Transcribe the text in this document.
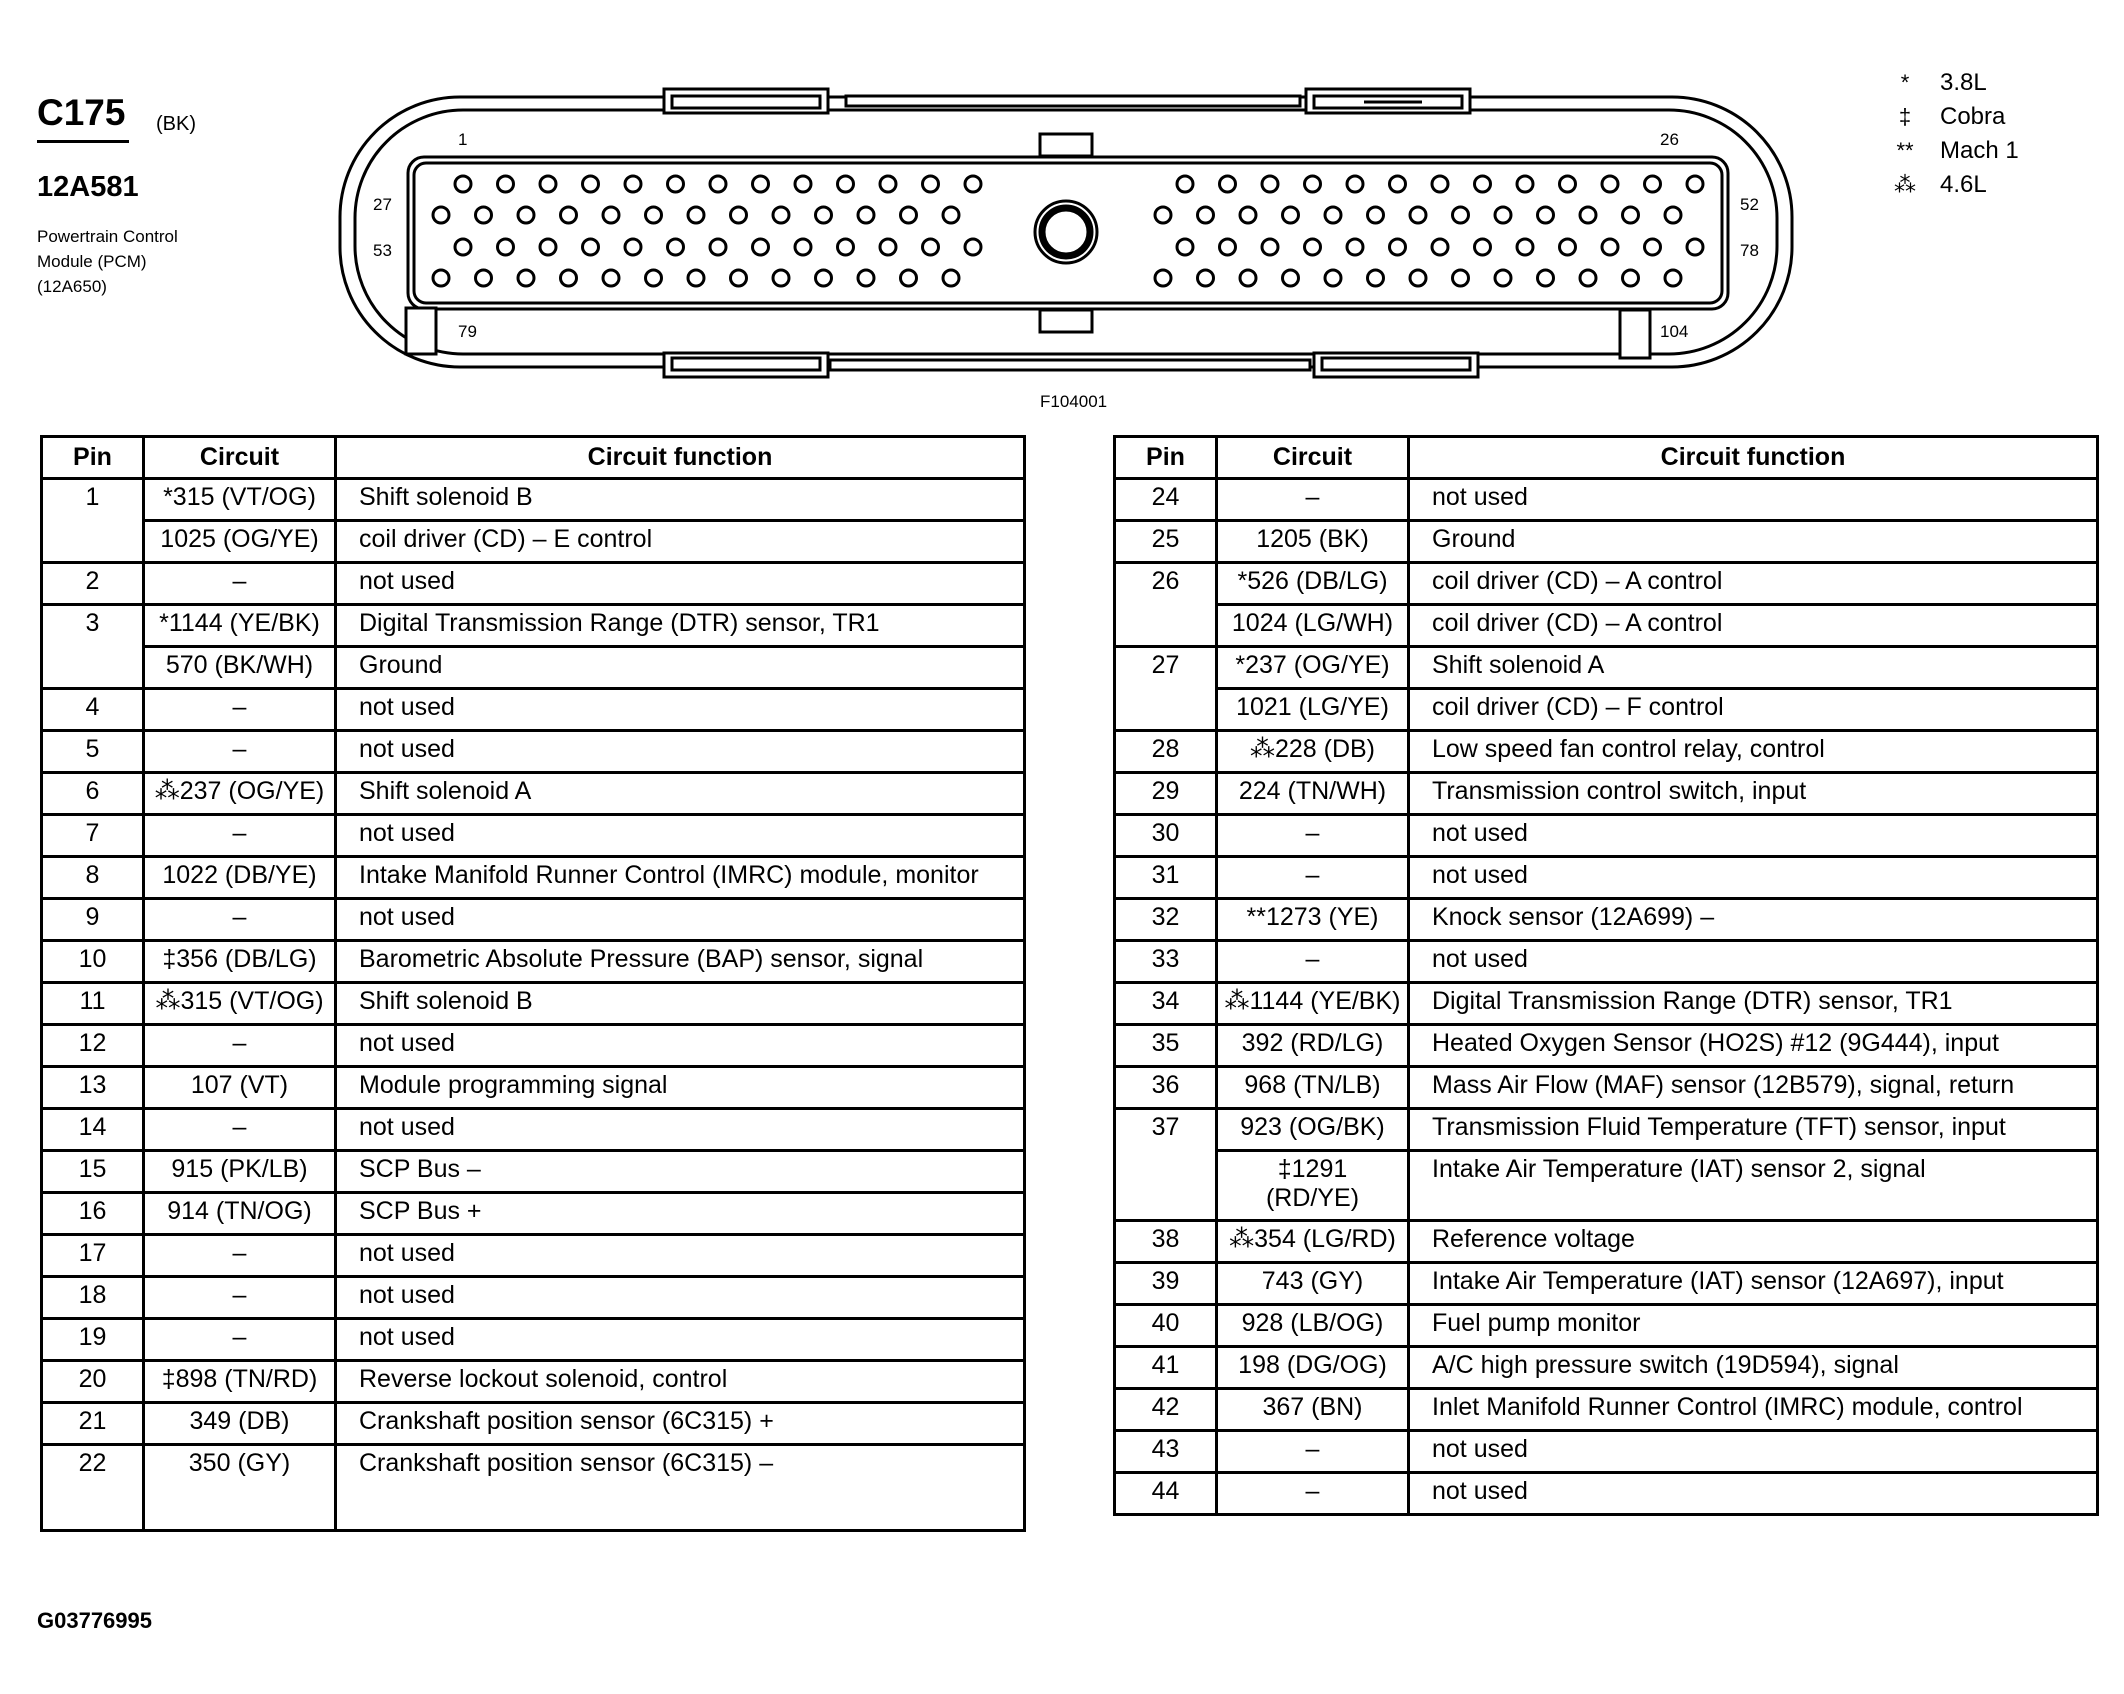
C175 (BK)
12A581
Powertrain Control
Module (PCM)
(12A650)
*	3.8L
‡	Cobra
**	Mach 1
⁂	4.6L
1	26
27	52
53	78
79	104
F104001
Pin	Circuit	Circuit function
1	*315 (VT/OG)	Shift solenoid B
	1025 (OG/YE)	coil driver (CD) – E control
2	–	not used
3	*1144 (YE/BK)	Digital Transmission Range (DTR) sensor, TR1
	570 (BK/WH)	Ground
4	–	not used
5	–	not used
6	⁂237 (OG/YE)	Shift solenoid A
7	–	not used
8	1022 (DB/YE)	Intake Manifold Runner Control (IMRC) module, monitor
9	–	not used
10	‡356 (DB/LG)	Barometric Absolute Pressure (BAP) sensor, signal
11	⁂315 (VT/OG)	Shift solenoid B
12	–	not used
13	107 (VT)	Module programming signal
14	–	not used
15	915 (PK/LB)	SCP Bus –
16	914 (TN/OG)	SCP Bus +
17	–	not used
18	–	not used
19	–	not used
20	‡898 (TN/RD)	Reverse lockout solenoid, control
21	349 (DB)	Crankshaft position sensor (6C315) +
22	350 (GY)	Crankshaft position sensor (6C315) –
Pin	Circuit	Circuit function
24	–	not used
25	1205 (BK)	Ground
26	*526 (DB/LG)	coil driver (CD) – A control
	1024 (LG/WH)	coil driver (CD) – A control
27	*237 (OG/YE)	Shift solenoid A
	1021 (LG/YE)	coil driver (CD) – F control
28	⁂228 (DB)	Low speed fan control relay, control
29	224 (TN/WH)	Transmission control switch, input
30	–	not used
31	–	not used
32	**1273 (YE)	Knock sensor (12A699) –
33	–	not used
34	⁂1144 (YE/BK)	Digital Transmission Range (DTR) sensor, TR1
35	392 (RD/LG)	Heated Oxygen Sensor (HO2S) #12 (9G444), input
36	968 (TN/LB)	Mass Air Flow (MAF) sensor (12B579), signal, return
37	923 (OG/BK)	Transmission Fluid Temperature (TFT) sensor, input

	‡1291
(RD/YE)	Intake Air Temperature (IAT) sensor 2, signal
38	⁂354 (LG/RD)	Reference voltage
39	743 (GY)	Intake Air Temperature (IAT) sensor (12A697), input
40	928 (LB/OG)	Fuel pump monitor
41	198 (DG/OG)	A/C high pressure switch (19D594), signal
42	367 (BN)	Inlet Manifold Runner Control (IMRC) module, control
43	–	not used
44	–	not used
G03776995
